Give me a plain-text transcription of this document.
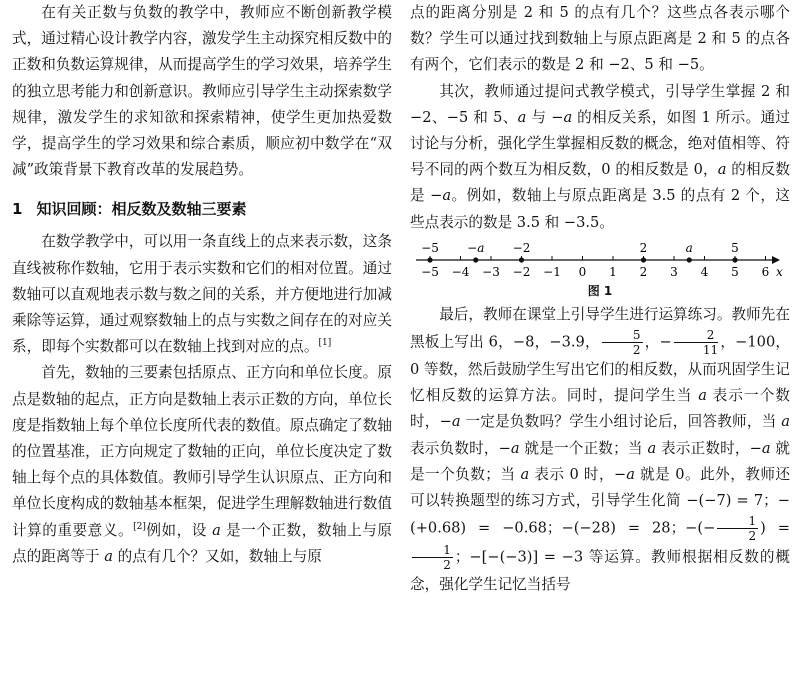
在有关正数与负数的教学中，教师应不断创新教学模式，通过精心设计教学内容，激发学生主动探究相反数中的正数和负数运算规律，从而提高学生的学习效果，培养学生的独立思考能力和创新意识。教师应引导学生主动探索数学规律，激发学生的求知欲和探索精神，使学生更加热爱数学，提高学生的学习效果和综合素质，顺应初中数学在“双减”政策背景下教育改革的发展趋势。

1 知识回顾：相反数及数轴三要素

在数学教学中，可以用一条直线上的点来表示数，这条直线被称作数轴，它用于表示实数和它们的相对位置。通过数轴可以直观地表示数与数之间的关系，并方便地进行加减乘除等运算，通过观察数轴上的点与实数之间存在的对应关系，即每个实数都可以在数轴上找到对应的点。[1]

首先，数轴的三要素包括原点、正方向和单位长度。原点是数轴的起点，正方向是数轴上表示正数的方向，单位长度是指数轴上每个单位长度所代表的数值。原点确定了数轴的位置基准，正方向规定了数轴的正向，单位长度决定了数轴上每个点的具体数值。教师引导学生认识原点、正方向和单位长度构成的数轴基本框架，促进学生理解数轴进行数值计算的重要意义。[2]例如，设 a 是一个正数，数轴上与原点的距离等于 a 的点有几个？又如，数轴上与原

点的距离分别是 2 和 5 的点有几个？这些点各表示哪个数？学生可以通过找到数轴上与原点距离是 2 和 5 的点各有两个，它们表示的数是 2 和 −2、5 和 −5。

其次，教师通过提问式教学模式，引导学生掌握 2 和 −2、−5 和 5、a 与 −a 的相反关系，如图 1 所示。通过讨论与分析，强化学生掌握相反数的概念，绝对值相等、符号不同的两个数互为相反数，0 的相反数是 0，a 的相反数是 −a。例如，数轴上与原点距离是 3.5 的点有 2 个，这些点表示的数是 3.5 和 −3.5。

x
−5 −4 −3 −2 −1 0 1 2 3 4 5 6
−5 −a −2	2	a	5
图 1

最后，教师在课堂上引导学生进行运算练习。教师先在黑板上写出 6，−8，−3.9， $\frac{5}{2}$ ，− $\frac{2}{11}$ ，−100，0 等数，然后鼓励学生写出它们的相反数，从而巩固学生记忆相反数的运算方法。同时，提问学生当 a 表示一个数时，−a 一定是负数吗？学生小组讨论后，回答教师，当 a 表示负数时，−a 就是一个正数；当 a 表示正数时，−a 就是一个负数；当 a 表示 0 时，−a 就是 0。此外，教师还可以转换题型的练习方式，引导学生化简 −(−7) = 7；−(+0.68) = −0.68；−(−28) = 28；−(− $\frac{1}{2}$ ) =
$\frac{1}{2}$ ；−[−(−3)] = −3 等运算。教师根据相反数的概念，强化学生记忆当括号
